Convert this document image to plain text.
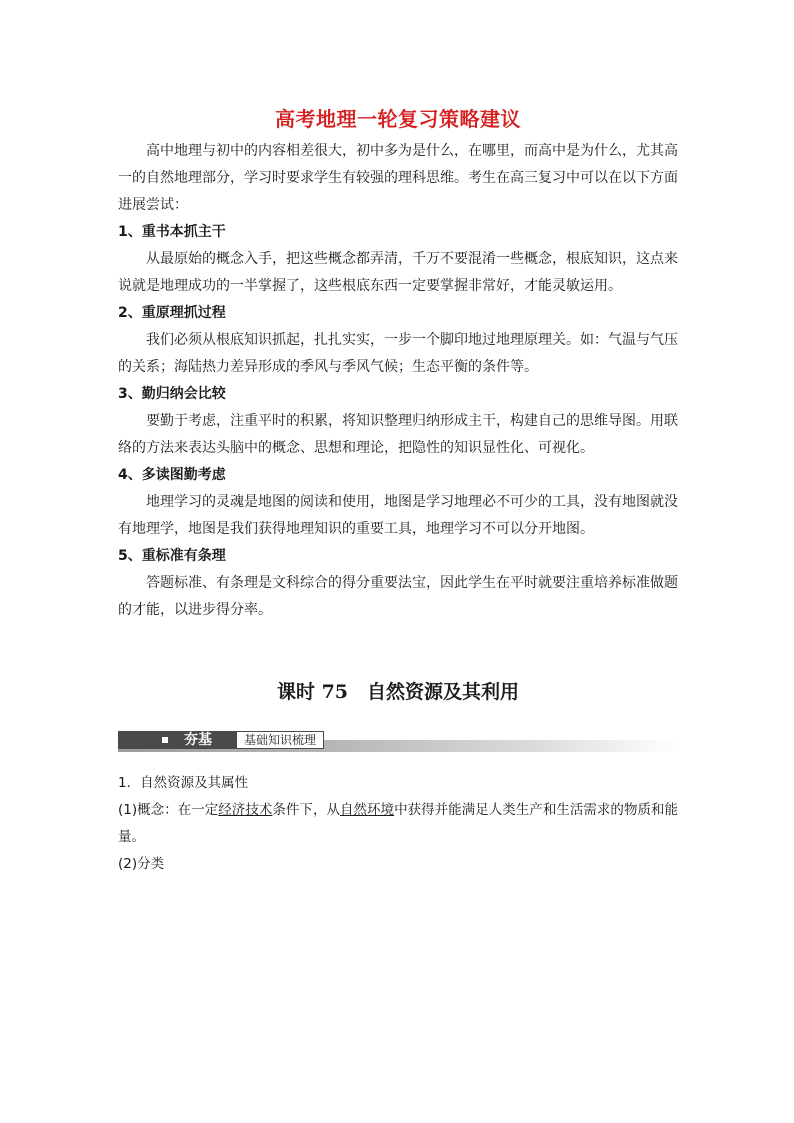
高考地理一轮复习策略建议

高中地理与初中的内容相差很大，初中多为是什么，在哪里，而高中是为什么，尤其高一的自然地理部分，学习时要求学生有较强的理科思维。考生在高三复习中可以在以下方面进展尝试：

1、重书本抓主干

从最原始的概念入手，把这些概念都弄清，千万不要混淆一些概念，根底知识，这点来说就是地理成功的一半掌握了，这些根底东西一定要掌握非常好，才能灵敏运用。

2、重原理抓过程

我们必须从根底知识抓起，扎扎实实，一步一个脚印地过地理原理关。如：气温与气压的关系；海陆热力差异形成的季风与季风气候；生态平衡的条件等。

3、勤归纳会比较

要勤于考虑，注重平时的积累，将知识整理归纳形成主干，构建自己的思维导图。用联络的方法来表达头脑中的概念、思想和理论，把隐性的知识显性化、可视化。

4、多读图勤考虑

地理学习的灵魂是地图的阅读和使用，地图是学习地理必不可少的工具，没有地图就没有地理学，地图是我们获得地理知识的重要工具，地理学习不可以分开地图。

5、重标准有条理

答题标准、有条理是文科综合的得分重要法宝，因此学生在平时就要注重培养标准做题的才能，以进步得分率。

课时 75　自然资源及其利用
夯基	基础知识梳理

1．自然资源及其属性

(1)概念：在一定经济技术条件下，从自然环境中获得并能满足人类生产和生活需求的物质和能量。

(2)分类
